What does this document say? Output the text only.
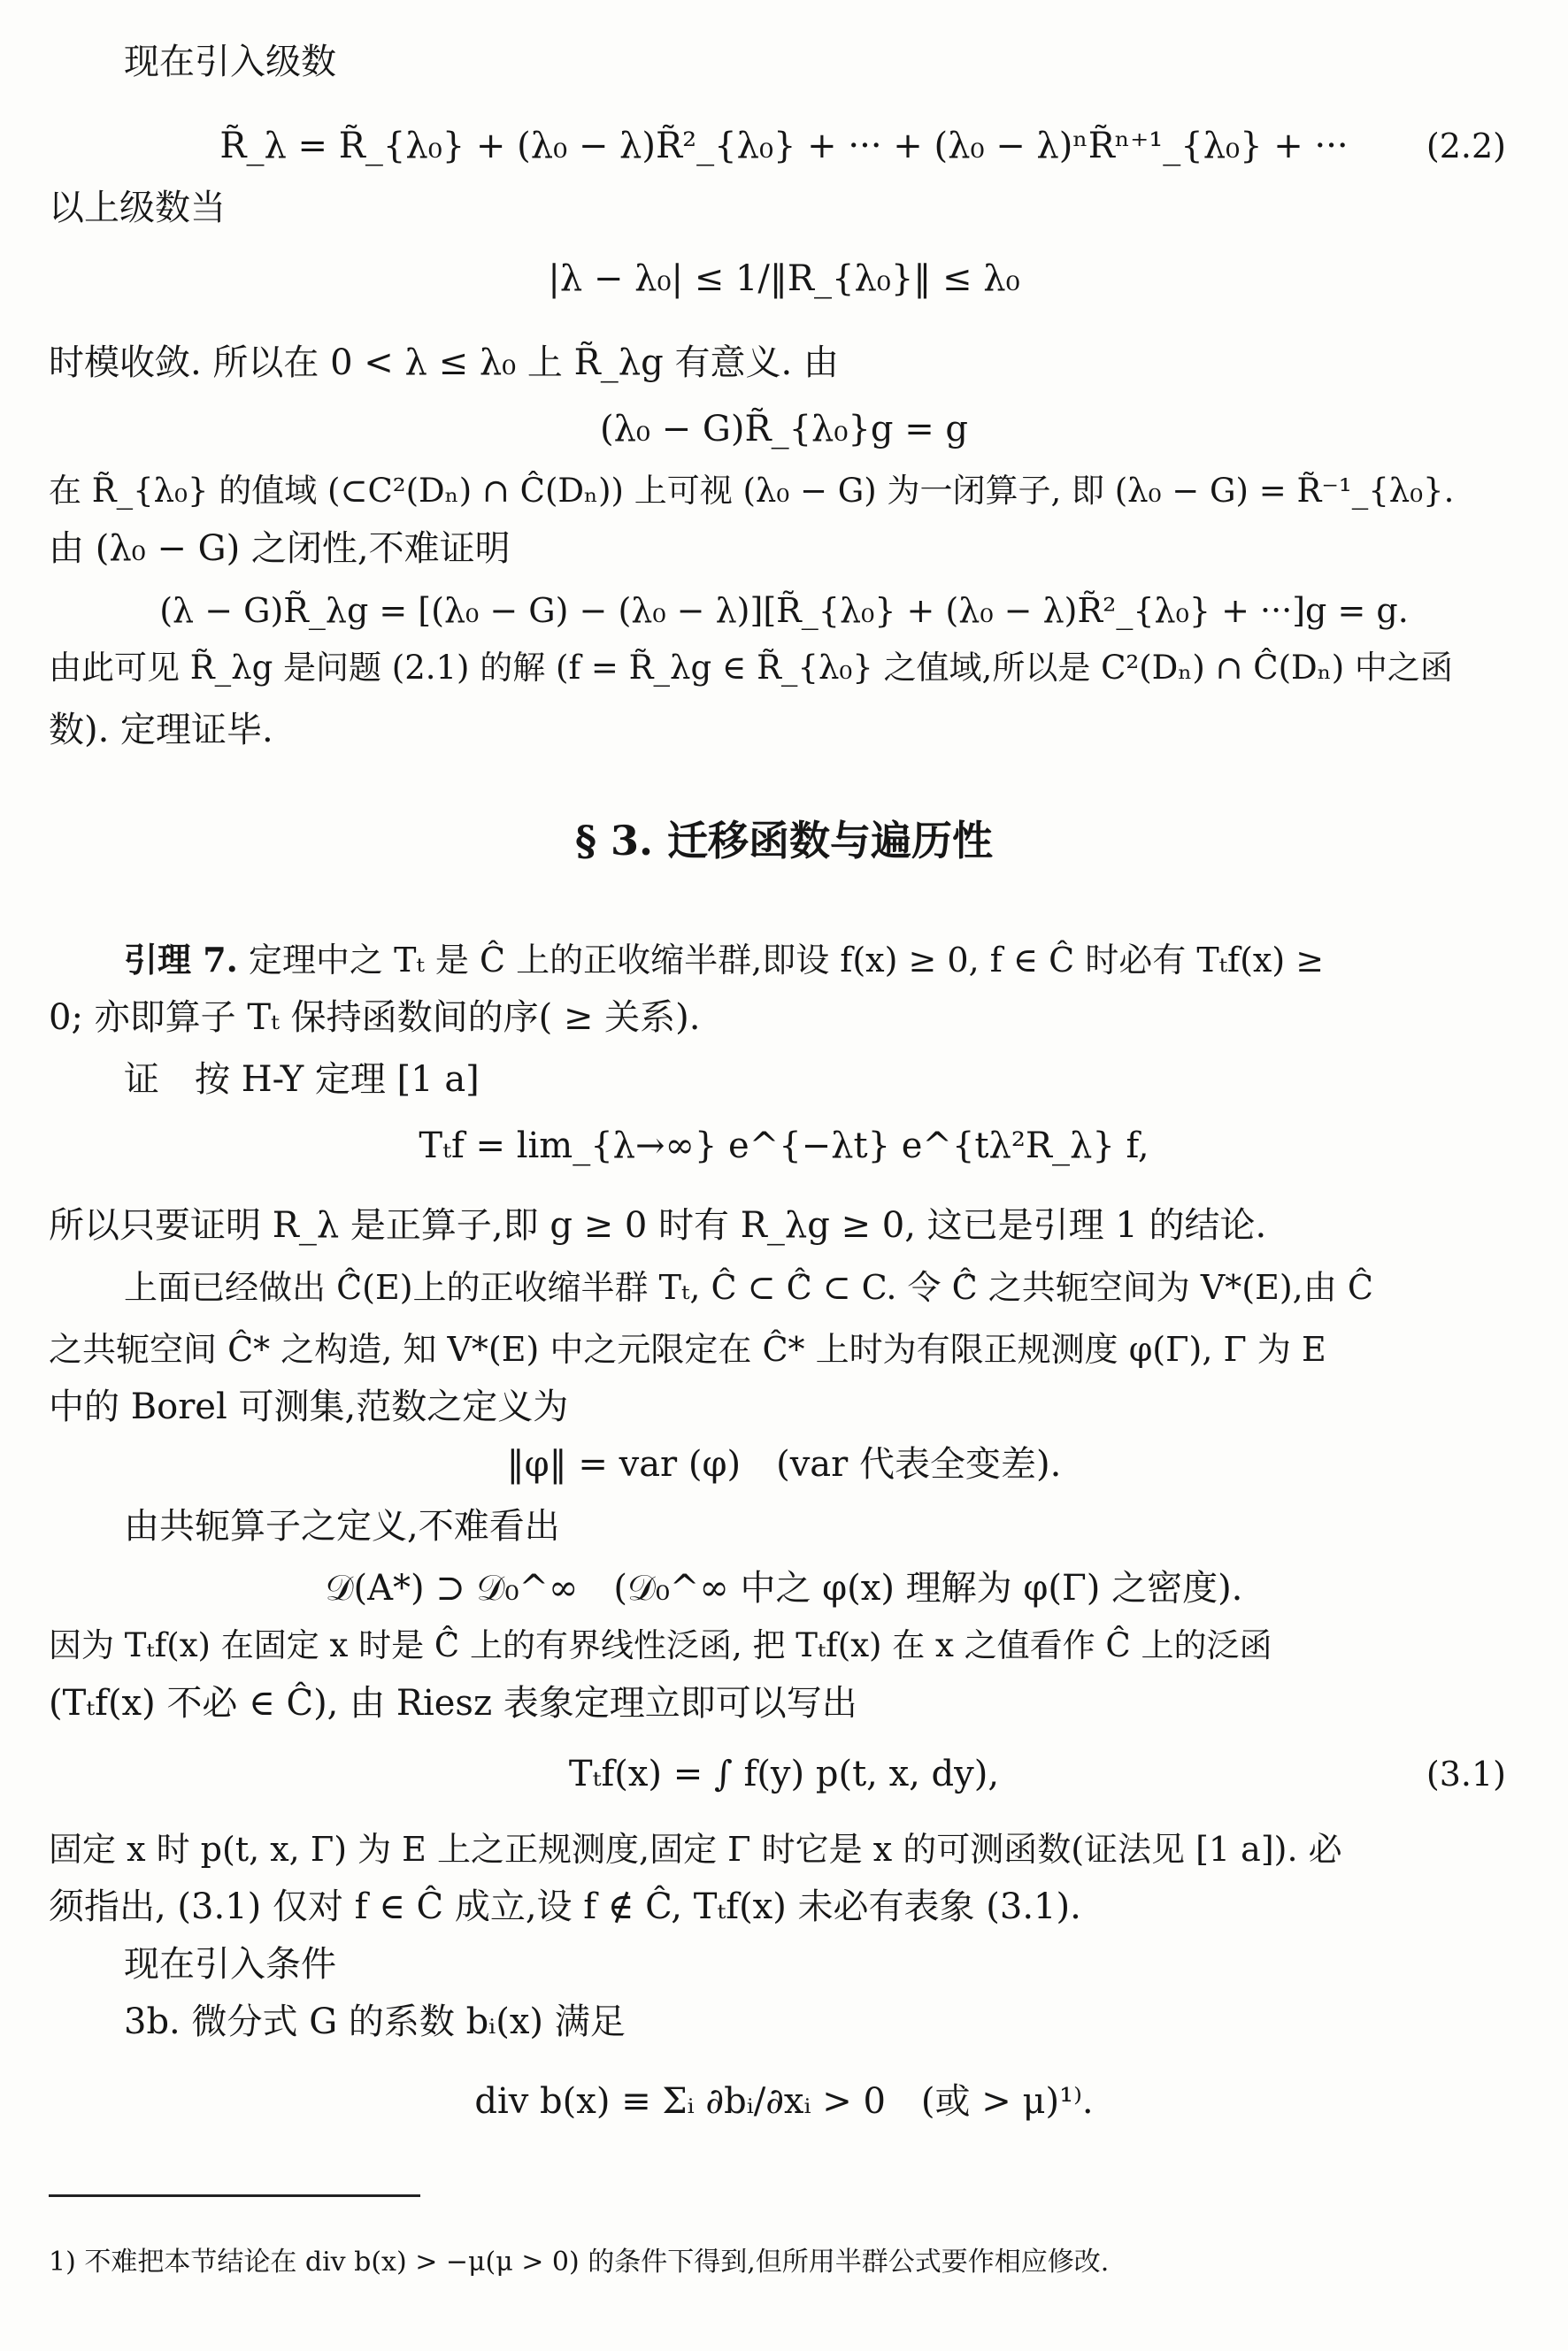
现在引入级数
R̃_λ = R̃_{λ₀} + (λ₀ − λ)R̃²_{λ₀} + ··· + (λ₀ − λ)ⁿR̃ⁿ⁺¹_{λ₀} + ··· (2.2)
以上级数当
|λ − λ₀| ≤ 1/‖R_{λ₀}‖ ≤ λ₀
时模收敛. 所以在 0 < λ ≤ λ₀ 上 R̃_λg 有意义. 由
(λ₀ − G)R̃_{λ₀}g = g
在 R̃_{λ₀} 的值域 (⊂C²(Dₙ) ∩ Ĉ(Dₙ)) 上可视 (λ₀ − G) 为一闭算子, 即 (λ₀ − G) = R̃⁻¹_{λ₀}.
由 (λ₀ − G) 之闭性,不难证明
(λ − G)R̃_λg = [(λ₀ − G) − (λ₀ − λ)][R̃_{λ₀} + (λ₀ − λ)R̃²_{λ₀} + ···]g = g.
由此可见 R̃_λg 是问题 (2.1) 的解 (f = R̃_λg ∈ R̃_{λ₀} 之值域,所以是 C²(Dₙ) ∩ Ĉ(Dₙ) 中之函
数). 定理证毕.
§ 3. 迁移函数与遍历性
引理 7. 定理中之 Tₜ 是 Ĉ 上的正收缩半群,即设 f(x) ≥ 0, f ∈ Ĉ 时必有 Tₜf(x) ≥
0; 亦即算子 Tₜ 保持函数间的序( ≥ 关系).
证　按 H-Y 定理 [1 a]
Tₜf = lim_{λ→∞} e^{−λt} e^{tλ²R_λ} f,
所以只要证明 R_λ 是正算子,即 g ≥ 0 时有 R_λg ≥ 0, 这已是引理 1 的结论.
上面已经做出 Ĉ̂(E)上的正收缩半群 Tₜ, Ĉ ⊂ Ĉ̂ ⊂ C. 令 Ĉ̂ 之共轭空间为 V*(E),由 Ĉ
之共轭空间 Ĉ* 之构造, 知 V*(E) 中之元限定在 Ĉ* 上时为有限正规测度 φ(Γ), Γ 为 E
中的 Borel 可测集,范数之定义为
‖φ‖ = var (φ)　(var 代表全变差).
由共轭算子之定义,不难看出
𝒟(A*) ⊃ 𝒟₀^∞　(𝒟₀^∞ 中之 φ(x) 理解为 φ(Γ) 之密度).
因为 Tₜf(x) 在固定 x 时是 Ĉ̂ 上的有界线性泛函, 把 Tₜf(x) 在 x 之值看作 Ĉ 上的泛函
(Tₜf(x) 不必 ∈ Ĉ), 由 Riesz 表象定理立即可以写出
Tₜf(x) = ∫ f(y) p(t, x, dy),	(3.1)
固定 x 时 p(t, x, Γ) 为 E 上之正规测度,固定 Γ 时它是 x 的可测函数(证法见 [1 a]). 必
须指出, (3.1) 仅对 f ∈ Ĉ 成立,设 f ∉ Ĉ, Tₜf(x) 未必有表象 (3.1).
现在引入条件
3b. 微分式 G 的系数 bᵢ(x) 满足
div b(x) ≡ Σᵢ ∂bᵢ/∂xᵢ > 0　(或 > μ)¹⁾.
1) 不难把本节结论在 div b(x) > −μ(μ > 0) 的条件下得到,但所用半群公式要作相应修改.
